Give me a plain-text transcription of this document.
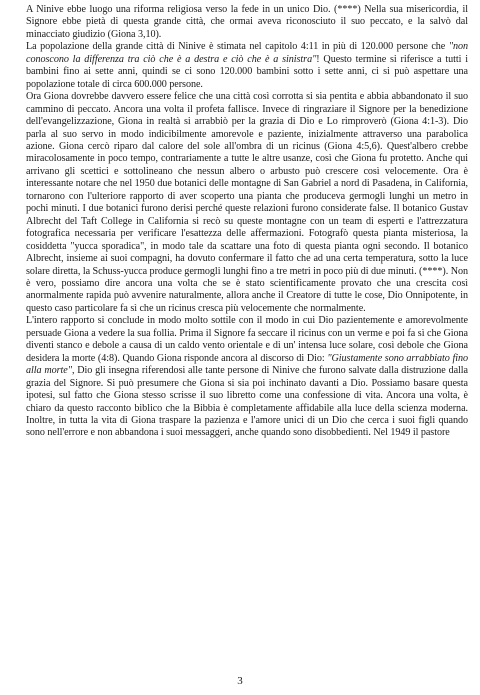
A Ninive ebbe luogo una riforma religiosa verso la fede in un unico Dio. (****) Nella sua misericordia, il Signore ebbe pietà di questa grande città, che ormai aveva riconosciuto il suo peccato, e la salvò dal minacciato giudizio (Giona 3,10).

La popolazione della grande città di Ninive è stimata nel capitolo 4:11 in più di 120.000 persone che "non conoscono la differenza tra ciò che è a destra e ciò che è a sinistra"! Questo termine si riferisce a tutti i bambini fino ai sette anni, quindi se ci sono 120.000 bambini sotto i sette anni, ci si può aspettare una popolazione totale di circa 600.000 persone.

Ora Giona dovrebbe davvero essere felice che una città così corrotta si sia pentita e abbia abbandonato il suo cammino di peccato. Ancora una volta il profeta fallisce. Invece di ringraziare il Signore per la benedizione dell'evangelizzazione, Giona in realtà si arrabbiò per la grazia di Dio e Lo rimproverò (Giona 4:1-3). Dio parla al suo servo in modo indicibilmente amorevole e paziente, inizialmente attraverso una parabolica azione. Giona cercò riparo dal calore del sole all'ombra di un ricinus (Giona 4:5,6). Quest'albero crebbe miracolosamente in poco tempo, contrariamente a tutte le altre usanze, così che Giona fu protetto. Anche qui arrivano gli scettici e sottolineano che nessun albero o arbusto può crescere così velocemente. Ora è interessante notare che nel 1950 due botanici delle montagne di San Gabriel a nord di Pasadena, in California, tornarono con l'ulteriore rapporto di aver scoperto una pianta che produceva germogli lunghi un metro in pochi minuti. I due botanici furono derisi perché queste relazioni furono considerate false. Il botanico Gustav Albrecht del Taft College in California si recò su queste montagne con un team di esperti e l'attrezzatura fotografica necessaria per verificare l'esattezza delle affermazioni. Fotografò questa pianta misteriosa, la cosiddetta "yucca sporadica", in modo tale da scattare una foto di questa pianta ogni secondo. Il botanico Albrecht, insieme ai suoi compagni, ha dovuto confermare il fatto che ad una certa temperatura, sotto la luce solare diretta, la Schuss-yucca produce germogli lunghi fino a tre metri in poco più di due minuti. (****). Non è vero, possiamo dire ancora una volta che se è stato scientificamente provato che una crescita così anormalmente rapida può avvenire naturalmente, allora anche il Creatore di tutte le cose, Dio Onnipotente, in questo caso particolare fa sì che un ricinus cresca più velocemente che normalmente.

L'intero rapporto si conclude in modo molto sottile con il modo in cui Dio pazientemente e amorevolmente persuade Giona a vedere la sua follia. Prima il Signore fa seccare il ricinus con un verme e poi fa sì che Giona diventi stanco e debole a causa di un caldo vento orientale e di un' intensa luce solare, così debole che Giona desidera la morte (4:8). Quando Giona risponde ancora al discorso di Dio: "Giustamente sono arrabbiato fino alla morte", Dio gli insegna riferendosi alle tante persone di Ninive che furono salvate dalla distruzione dalla grazia del Signore. Si può presumere che Giona si sia poi inchinato davanti a Dio. Possiamo basare questa ipotesi, sul fatto che Giona stesso scrisse il suo libretto come una confessione di vita. Ancora una volta, è chiaro da questo racconto biblico che la Bibbia è completamente affidabile alla luce della scienza moderna. Inoltre, in tutta la vita di Giona traspare la pazienza e l'amore unici di un Dio che cerca i suoi figli quando sono nell'errore e non abbandona i suoi messaggeri, anche quando sono disobbedienti. Nel 1949 il pastore

3
